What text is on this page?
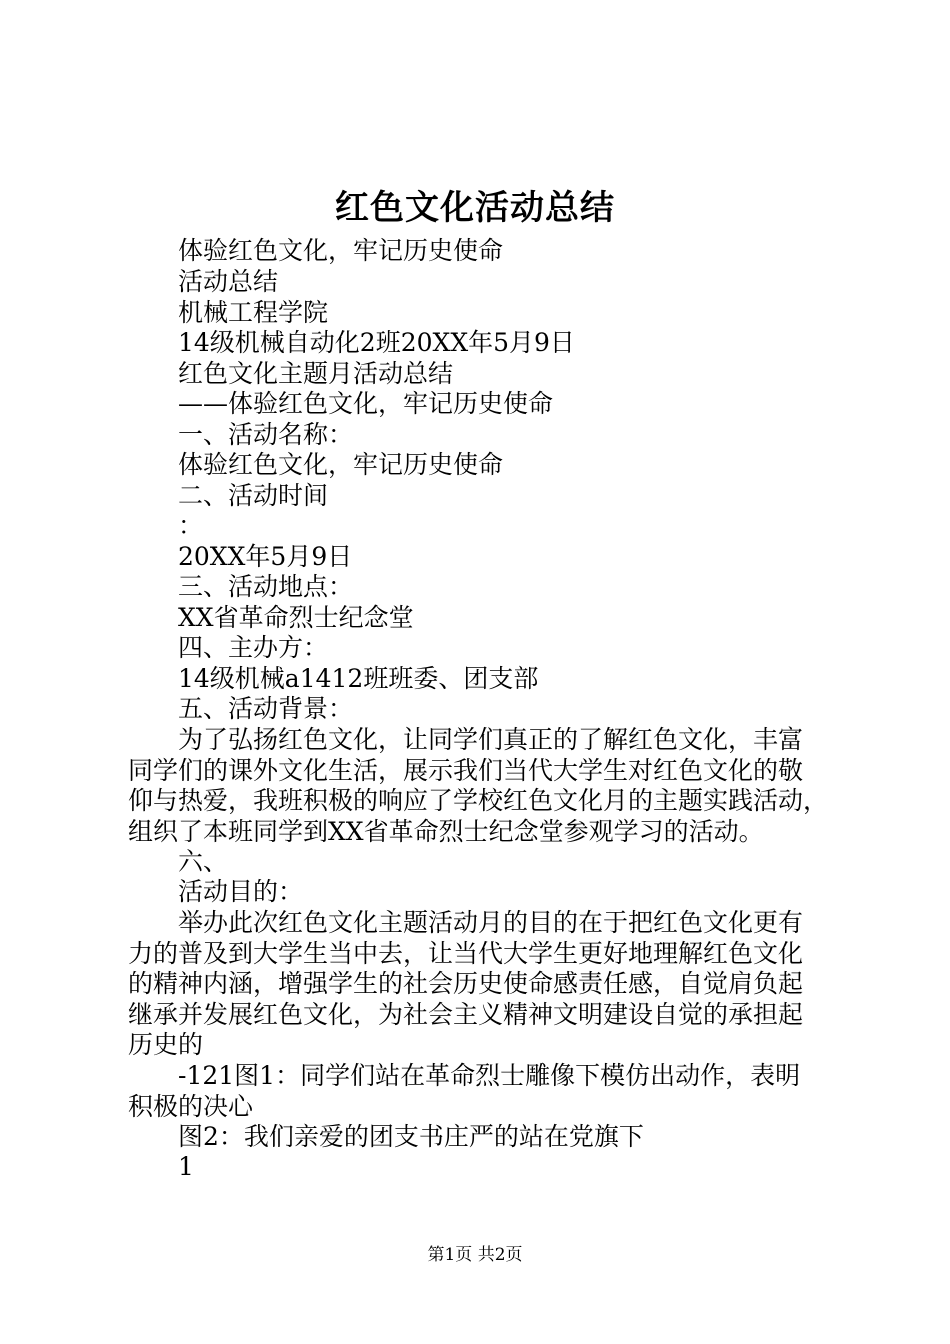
红色文化活动总结
体验红色文化，牢记历史使命
活动总结
机械工程学院
14级机械自动化2班20XX年5月9日
红色文化主题月活动总结
——体验红色文化，牢记历史使命
一、活动名称：
体验红色文化，牢记历史使命
二、活动时间
：
20XX年5月9日
三、活动地点：
XX省革命烈士纪念堂
四、主办方：
14级机械a1412班班委、团支部
五、活动背景：
为了弘扬红色文化，让同学们真正的了解红色文化，丰富
同学们的课外文化生活，展示我们当代大学生对红色文化的敬
仰与热爱，我班积极的响应了学校红色文化月的主题实践活动，
组织了本班同学到XX省革命烈士纪念堂参观学习的活动。
六、
活动目的：
举办此次红色文化主题活动月的目的在于把红色文化更有
力的普及到大学生当中去，让当代大学生更好地理解红色文化
的精神内涵，增强学生的社会历史使命感责任感，自觉肩负起
继承并发展红色文化，为社会主义精神文明建设自觉的承担起
历史的
-121图1：同学们站在革命烈士雕像下模仿出动作，表明
积极的决心
图2：我们亲爱的团支书庄严的站在党旗下
1
第1页 共2页
